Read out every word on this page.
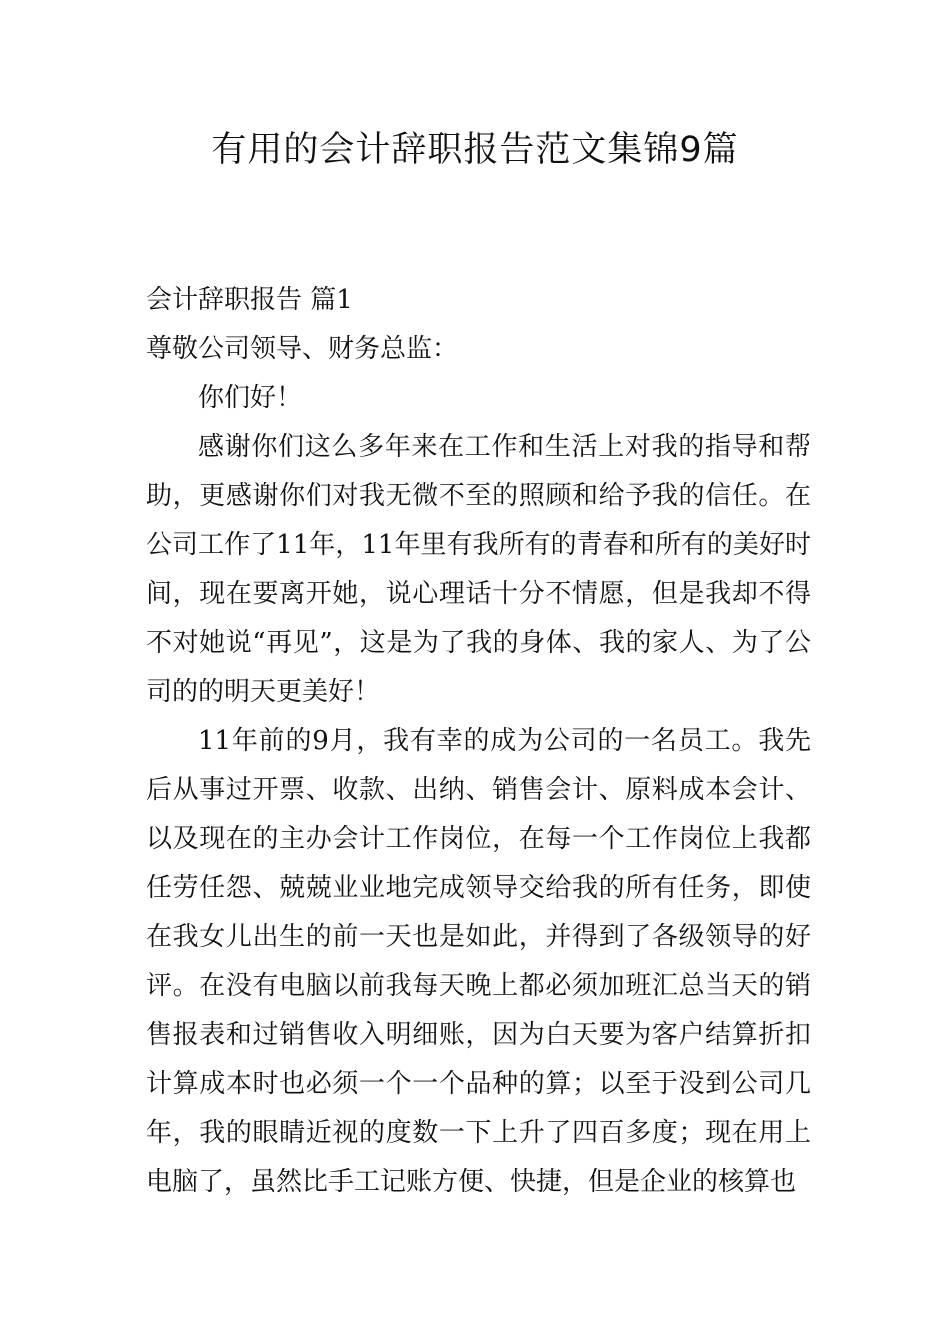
有用的会计辞职报告范文集锦9篇

会计辞职报告 篇1

尊敬公司领导、财务总监：

你们好！

感谢你们这么多年来在工作和生活上对我的指导和帮助，更感谢你们对我无微不至的照顾和给予我的信任。在公司工作了11年，11年里有我所有的青春和所有的美好时间，现在要离开她，说心理话十分不情愿，但是我却不得不对她说“再见”，这是为了我的身体、我的家人、为了公司的的明天更美好！

11年前的9月，我有幸的成为公司的一名员工。我先后从事过开票、收款、出纳、销售会计、原料成本会计、以及现在的主办会计工作岗位，在每一个工作岗位上我都任劳任怨、兢兢业业地完成领导交给我的所有任务，即使在我女儿出生的前一天也是如此，并得到了各级领导的好评。在没有电脑以前我每天晚上都必须加班汇总当天的销售报表和过销售收入明细账，因为白天要为客户结算折扣计算成本时也必须一个一个品种的算；以至于没到公司几年，我的眼睛近视的度数一下上升了四百多度；现在用上电脑了，虽然比手工记账方便、快捷，但是企业的核算也
